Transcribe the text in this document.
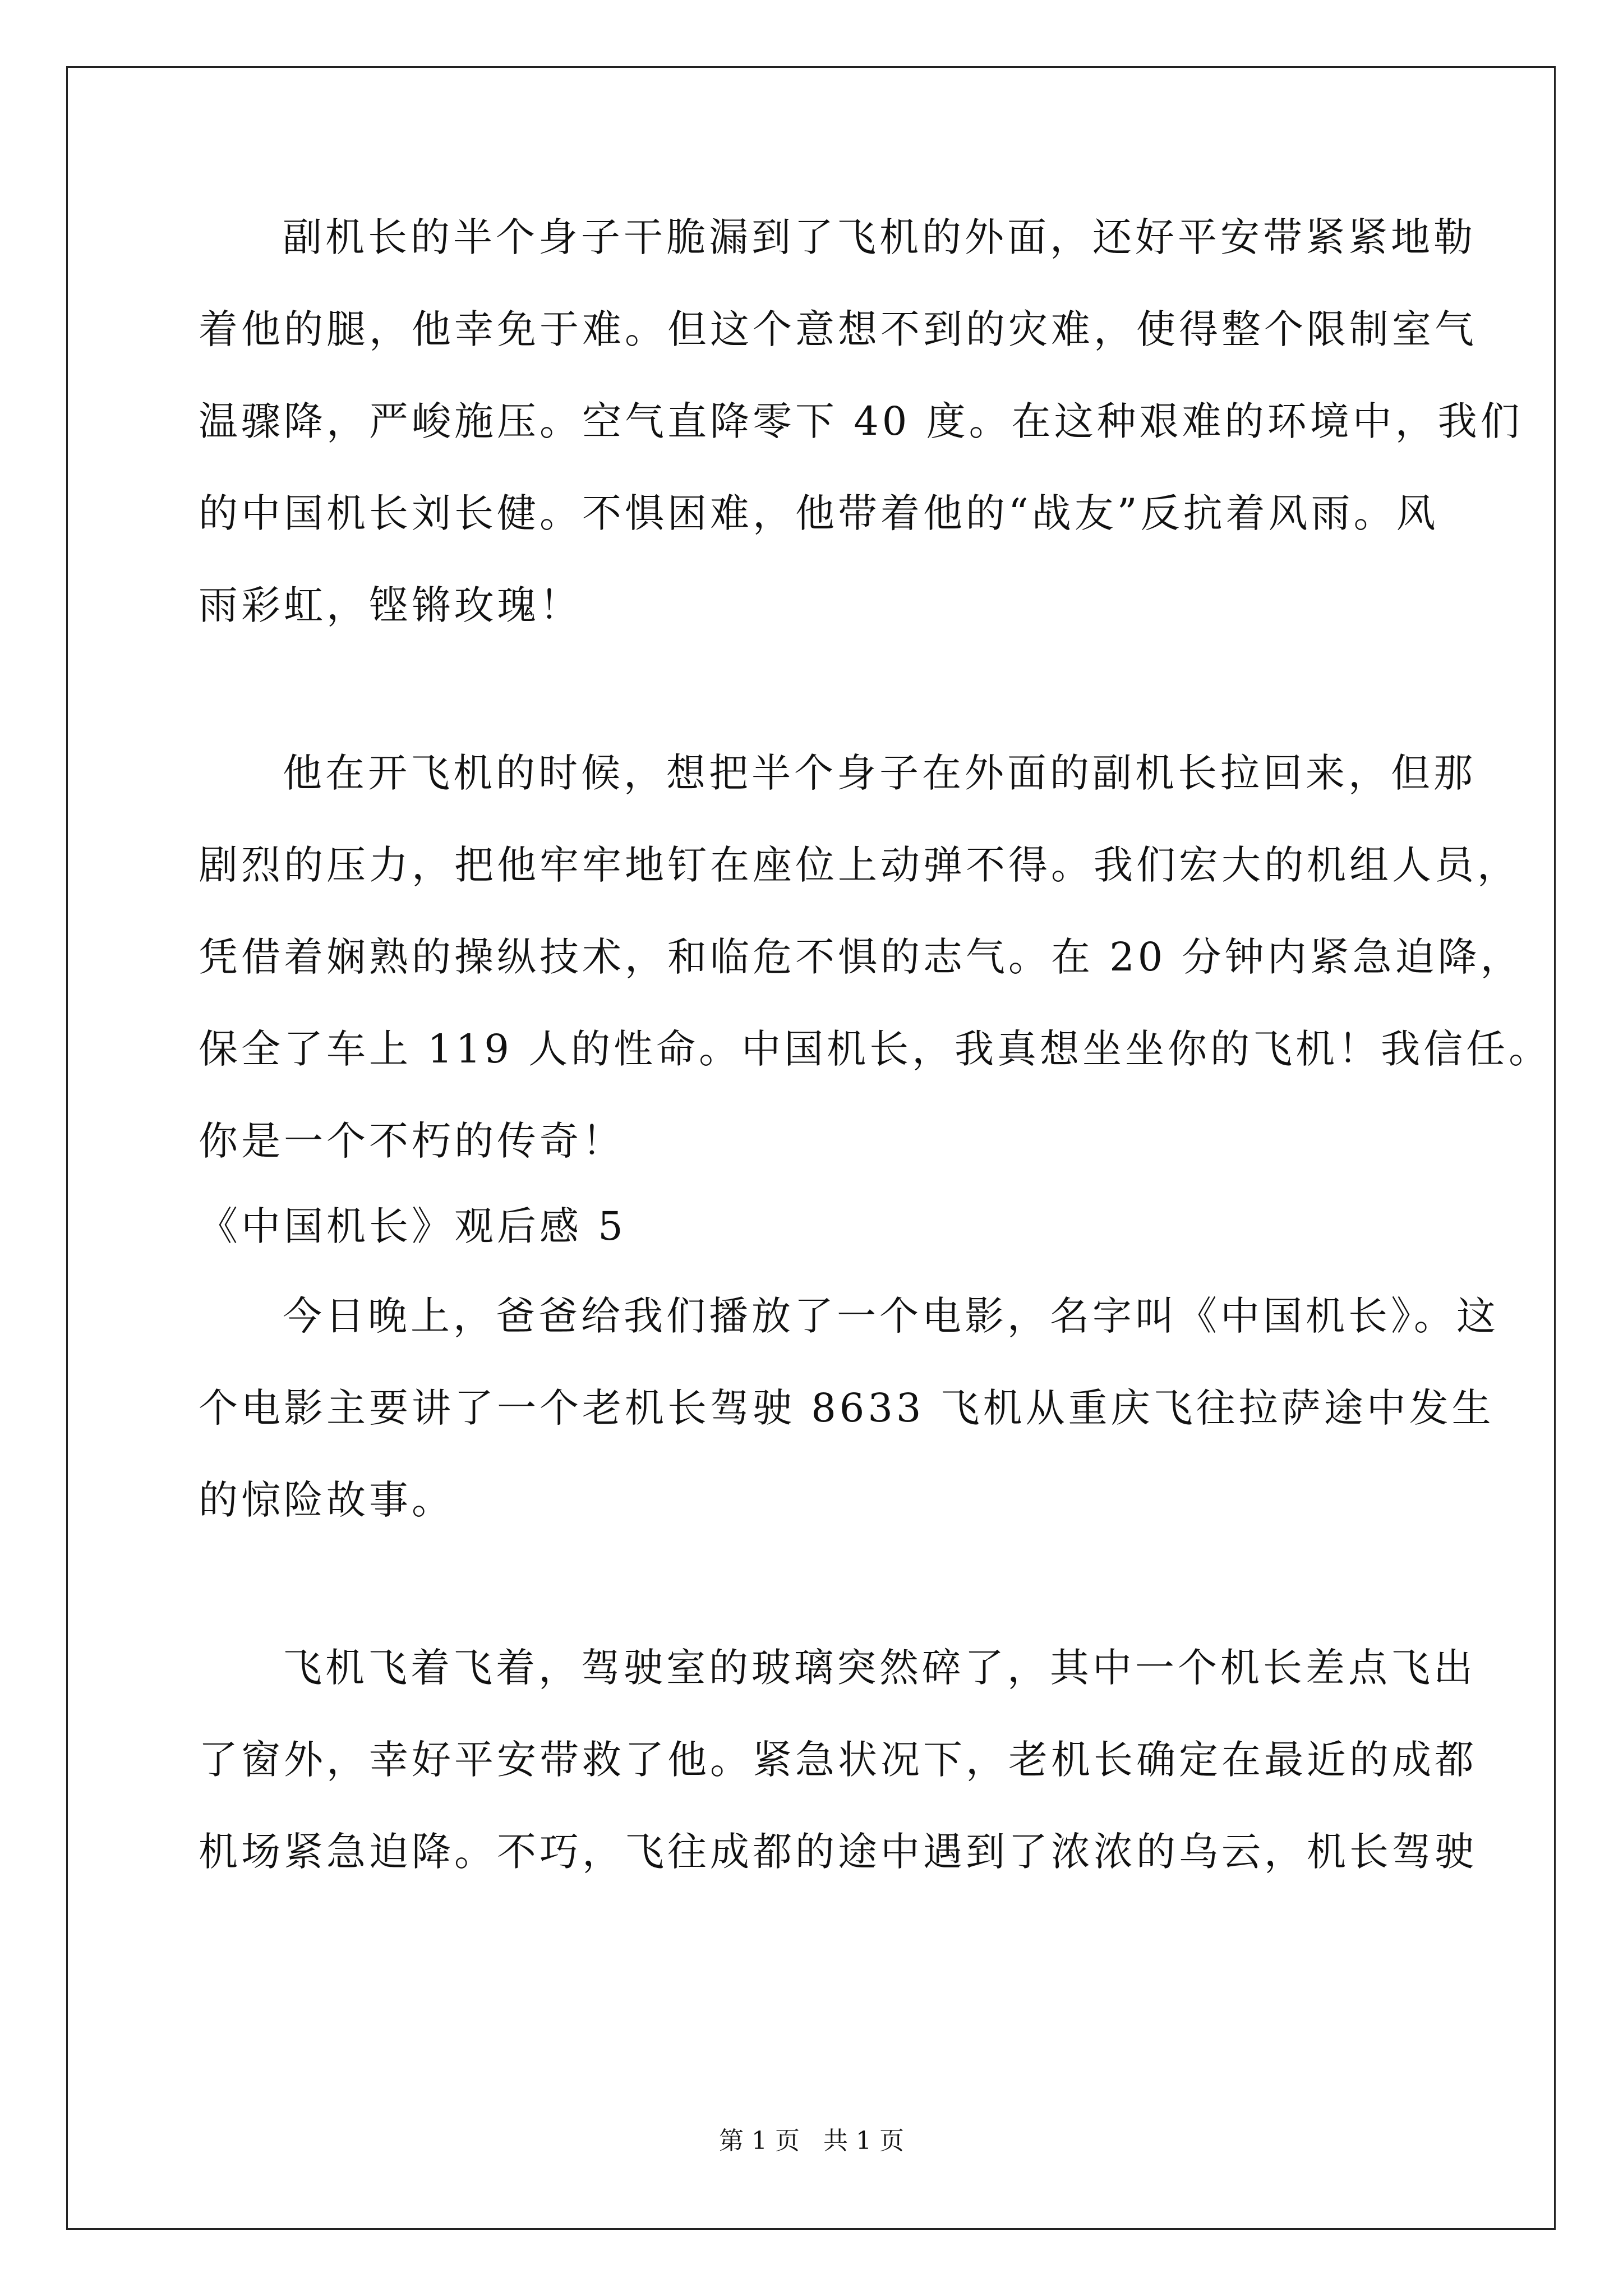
副机长的半个身子干脆漏到了飞机的外面，还好平安带紧紧地勒
着他的腿，他幸免于难。但这个意想不到的灾难，使得整个限制室气
温骤降，严峻施压。空气直降零下 40 度。在这种艰难的环境中，我们
的中国机长刘长健。不惧困难，他带着他的“战友”反抗着风雨。风
雨彩虹，铿锵玫瑰！
他在开飞机的时候，想把半个身子在外面的副机长拉回来，但那
剧烈的压力，把他牢牢地钉在座位上动弹不得。我们宏大的机组人员，
凭借着娴熟的操纵技术，和临危不惧的志气。在 20 分钟内紧急迫降，
保全了车上 119 人的性命。中国机长，我真想坐坐你的飞机！我信任。
你是一个不朽的传奇！
《中国机长》观后感 5
今日晚上，爸爸给我们播放了一个电影，名字叫《中国机长》。这
个电影主要讲了一个老机长驾驶 8633 飞机从重庆飞往拉萨途中发生
的惊险故事。
飞机飞着飞着，驾驶室的玻璃突然碎了，其中一个机长差点飞出
了窗外，幸好平安带救了他。紧急状况下，老机长确定在最近的成都
机场紧急迫降。不巧，飞往成都的途中遇到了浓浓的乌云，机长驾驶
第 1 页   共 1 页
